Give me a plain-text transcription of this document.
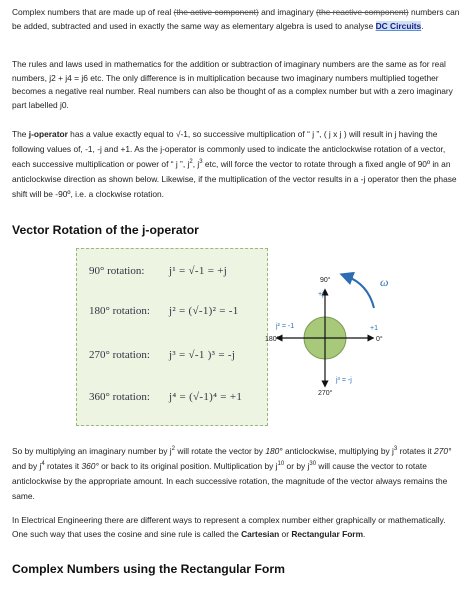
Complex numbers that are made up of real (the active component) and imaginary (the reactive component) numbers can be added, subtracted and used in exactly the same way as elementary algebra is used to analyse DC Circuits.

The rules and laws used in mathematics for the addition or subtraction of imaginary numbers are the same as for real numbers, j2 + j4 = j6 etc. The only difference is in multiplication because two imaginary numbers multiplied together becomes a negative real number. Real numbers can also be thought of as a complex number but with a zero imaginary part labelled j0.

The j-operator has a value exactly equal to √-1, so successive multiplication of “ j ”, ( j x j ) will result in j having the following values of, -1, -j and +1. As the j-operator is commonly used to indicate the anticlockwise rotation of a vector, each successive multiplication or power of “ j ”, $j^2$, $j^3$ etc, will force the vector to rotate through a fixed angle of 90º in an anticlockwise direction as shown below. Likewise, if the multiplication of the vector results in a -j operator then the phase shift will be -90º, i.e. a clockwise rotation.

Vector Rotation of the j-operator
90° rotation: j¹ = √-1 = +j
180° rotation: j² = (√-1)² = -1
270° rotation: j³ = √-1 )³ = -j
360° rotation: j⁴ = (√-1)⁴ = +1
90°
+j
j² = -1
180°
+1
0°
j³ = -j
270°
ω

So by multiplying an imaginary number by $j^2$ will rotate the vector by 180° anticlockwise, multiplying by $j^3$ rotates it 270° and by $j^4$ rotates it 360° or back to its original position. Multiplication by $j^{10}$ or by $j^{30}$ will cause the vector to rotate anticlockwise by the appropriate amount. In each successive rotation, the magnitude of the vector always remains the same.

In Electrical Engineering there are different ways to represent a complex number either graphically or mathematically. One such way that uses the cosine and sine rule is called the Cartesian or Rectangular Form.

Complex Numbers using the Rectangular Form
